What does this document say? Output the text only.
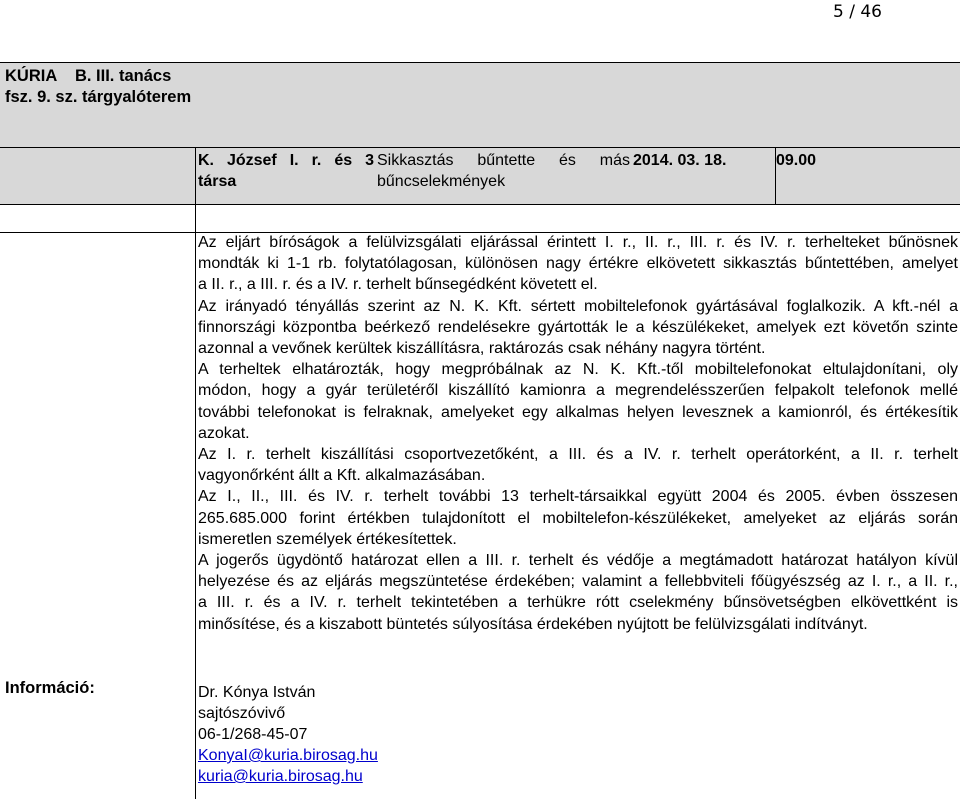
5 / 46
KÚRIA    B. III. tanács
fsz. 9. sz. tárgyalóterem
K. József I. r. és 3 társa
Sikkasztás bűntette és más bűncselekmények
2014. 03. 18.	09.00
Információ:

Az eljárt bíróságok a felülvizsgálati eljárással érintett I. r., II. r., III. r. és IV. r. terhelteket bűnösnek

mondták ki 1-1 rb. folytatólagosan, különösen nagy értékre elkövetett sikkasztás bűntettében, amelyet

a II. r., a III. r. és a IV. r. terhelt bűnsegédként követett el.

Az irányadó tényállás szerint az N. K. Kft. sértett mobiltelefonok gyártásával foglalkozik. A kft.-nél a

finnországi központba beérkező rendelésekre gyártották le a készülékeket, amelyek ezt követőn szinte

azonnal a vevőnek kerültek kiszállításra, raktározás csak néhány nagyra történt.

A terheltek elhatározták, hogy megpróbálnak az N. K. Kft.-től mobiltelefonokat eltulajdonítani, oly

módon, hogy a gyár területéről kiszállító kamionra a megrendelésszerűen felpakolt telefonok mellé

további telefonokat is felraknak, amelyeket egy alkalmas helyen levesznek a kamionról, és értékesítik

azokat.

Az I. r. terhelt kiszállítási csoportvezetőként, a III. és a IV. r. terhelt operátorként, a II. r. terhelt

vagyonőrként állt a Kft. alkalmazásában.

Az I., II., III. és IV. r. terhelt további 13 terhelt-társaikkal együtt 2004 és 2005. évben összesen

265.685.000 forint értékben tulajdonított el mobiltelefon-készülékeket, amelyeket az eljárás során

ismeretlen személyek értékesítettek.

A jogerős ügydöntő határozat ellen a III. r. terhelt és védője a megtámadott határozat hatályon kívül

helyezése és az eljárás megszüntetése érdekében; valamint a fellebbviteli főügyészség az I. r., a II. r.,

a III. r. és a IV. r. terhelt tekintetében a terhükre rótt cselekmény bűnsövetségben elkövettként is

minősítése, és a kiszabott büntetés súlyosítása érdekében nyújtott be felülvizsgálati indítványt.

Dr. Kónya István
sajtószóvivő
06-1/268-45-07
KonyaI@kuria.birosag.hu
kuria@kuria.birosag.hu
